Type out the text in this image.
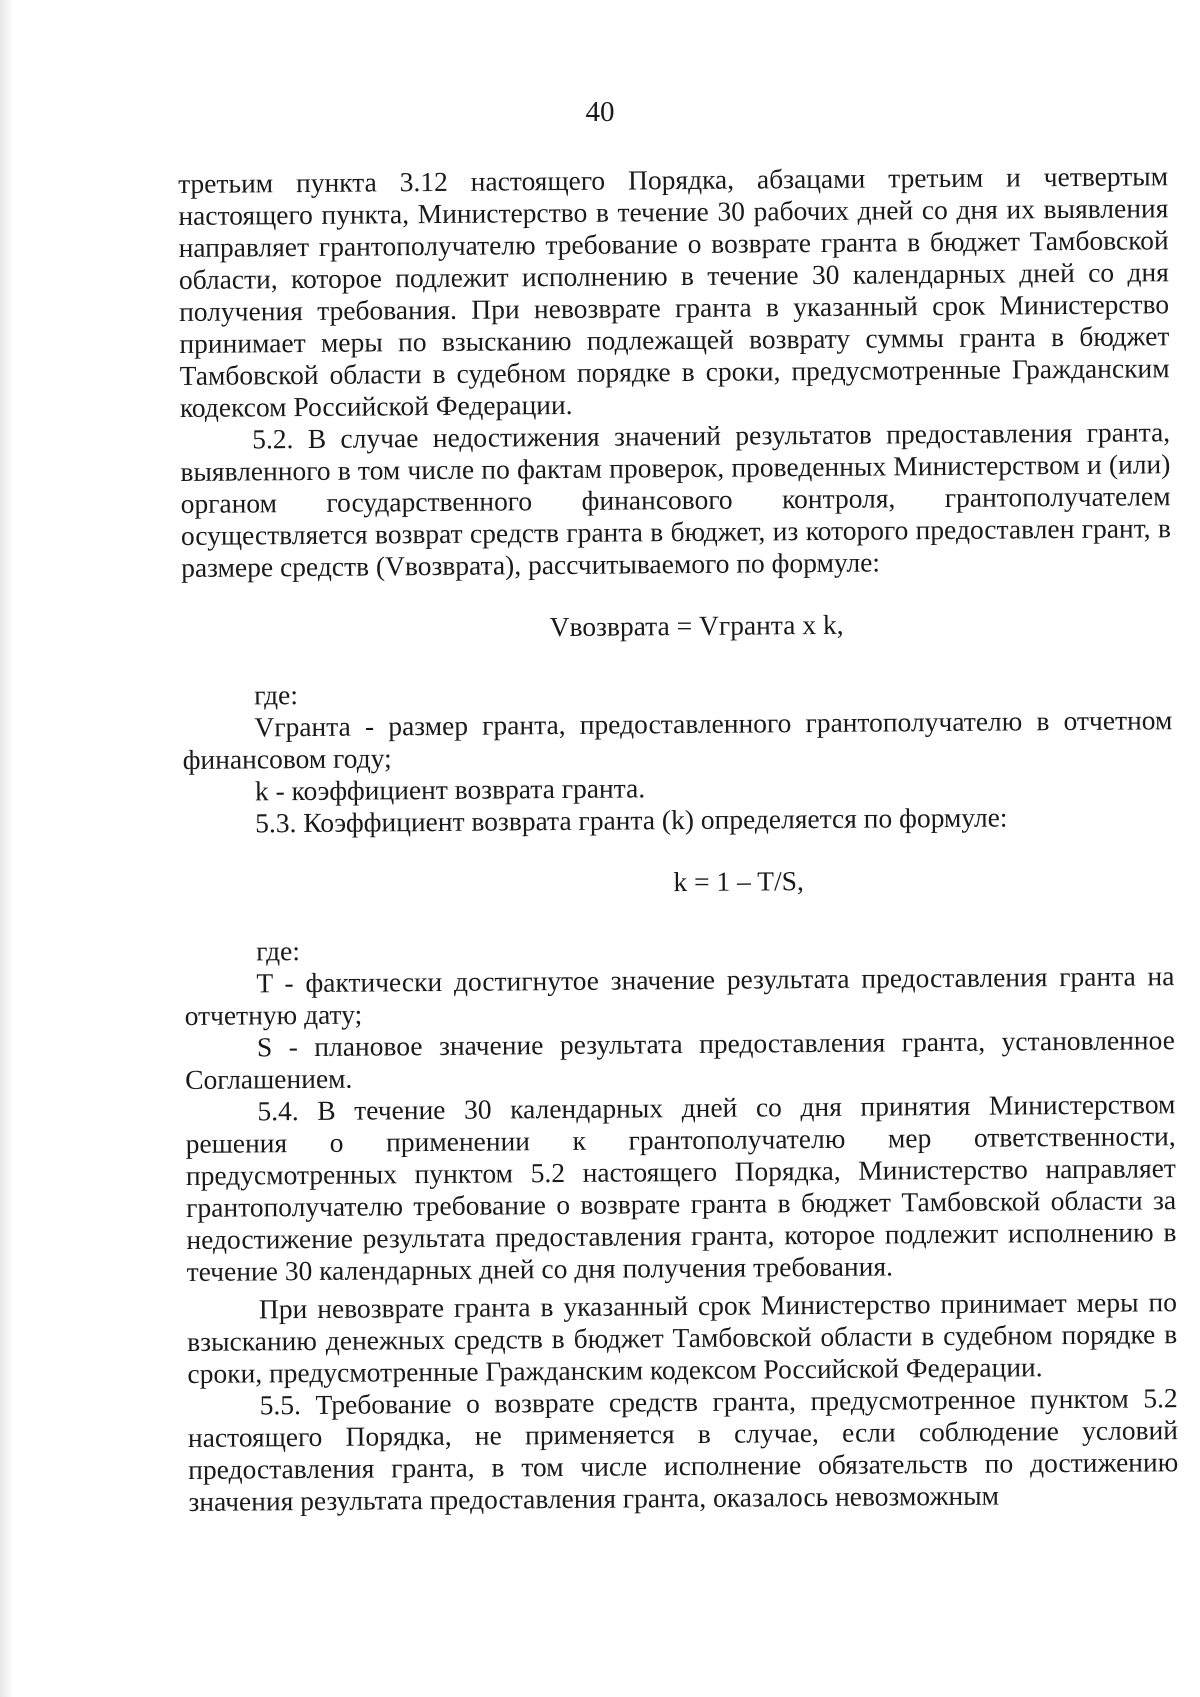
40

третьим пункта 3.12 настоящего Порядка, абзацами третьим и четвертым настоящего пункта, Министерство в течение 30 рабочих дней со дня их выявления направляет грантополучателю требование о возврате гранта в бюджет Тамбовской области, которое подлежит исполнению в течение 30 календарных дней со дня получения требования. При невозврате гранта в указанный срок Министерство принимает меры по взысканию подлежащей возврату суммы гранта в бюджет Тамбовской области в судебном порядке в сроки, предусмотренные Гражданским кодексом Российской Федерации.

5.2. В случае недостижения значений результатов предоставления гранта, выявленного в том числе по фактам проверок, проведенных Министерством и (или) органом государственного финансового контроля, грантополучателем осуществляется возврат средств гранта в бюджет, из которого предоставлен грант, в размере средств (Vвозврата), рассчитываемого по формуле:

Vвозврата = Vгранта x k,

где:

Vгранта - размер гранта, предоставленного грантополучателю в отчетном финансовом году;

k - коэффициент возврата гранта.

5.3. Коэффициент возврата гранта (k) определяется по формуле:

k = 1 – T/S,

где:

T - фактически достигнутое значение результата предоставления гранта на отчетную дату;

S - плановое значение результата предоставления гранта, установленное Соглашением.

5.4. В течение 30 календарных дней со дня принятия Министерством решения о применении к грантополучателю мер ответственности, предусмотренных пунктом 5.2 настоящего Порядка, Министерство направляет грантополучателю требование о возврате гранта в бюджет Тамбовской области за недостижение результата предоставления гранта, которое подлежит исполнению в течение 30 календарных дней со дня получения требования.

При невозврате гранта в указанный срок Министерство принимает меры по взысканию денежных средств в бюджет Тамбовской области в судебном порядке в сроки, предусмотренные Гражданским кодексом Российской Федерации.

5.5. Требование о возврате средств гранта, предусмотренное пунктом 5.2 настоящего Порядка, не применяется в случае, если соблюдение условий предоставления гранта, в том числе исполнение обязательств по достижению значения результата предоставления гранта, оказалось невозможным
